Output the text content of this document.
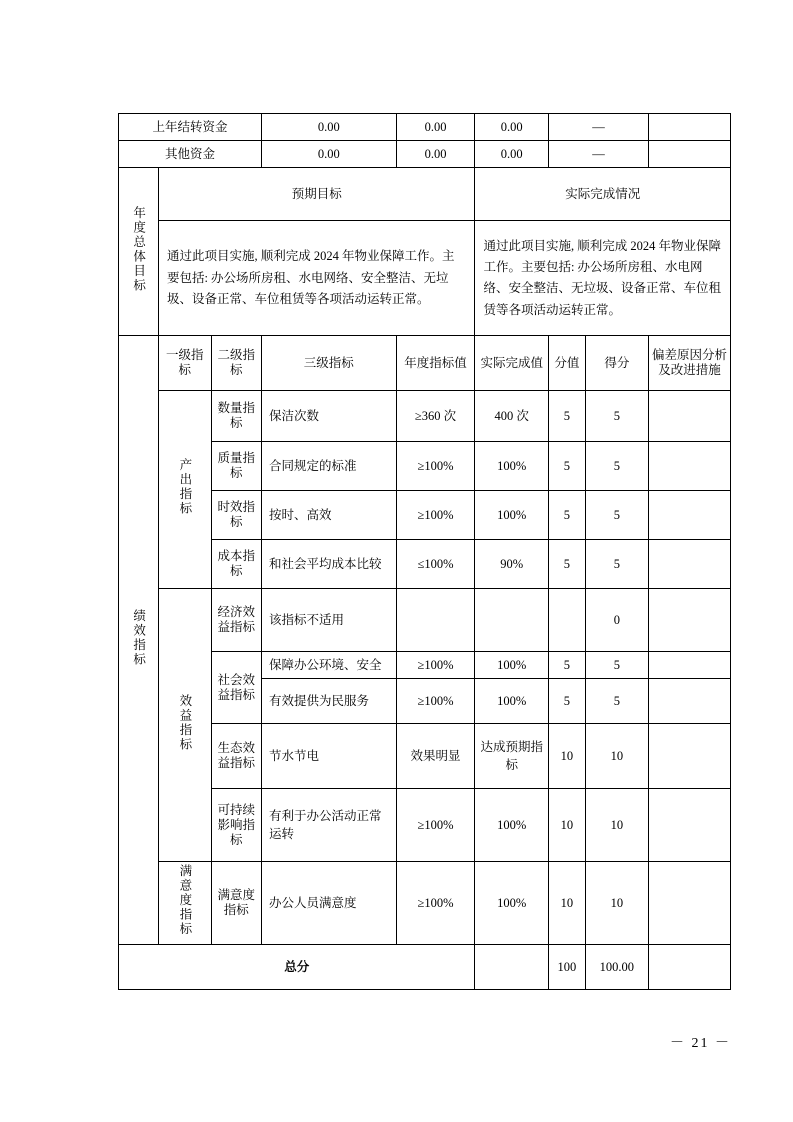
上年结转资金			0.00	0.00	0.00	—		
其他资金			0.00	0.00	0.00	—		
年度总体目标	预期目标				实际完成情况			
	通过此项目实施, 顺利完成 2024 年物业保障工作。主要包括: 办公场所房租、水电网络、安全整洁、无垃圾、设备正常、车位租赁等各项活动运转正常。				通过此项目实施, 顺利完成 2024 年物业保障工作。主要包括: 办公场所房租、水电网络、安全整洁、无垃圾、设备正常、车位租赁等各项活动运转正常。			
绩效指标	一级指标	二级指标	三级指标	年度指标值	实际完成值	分值	得分	偏差原因分析及改进措施
	产出指标	数量指标	保洁次数	≥360 次	400 次	5	5	
		质量指标	合同规定的标准	≥100%	100%	5	5	
		时效指标	按时、高效	≥100%	100%	5	5	
		成本指标	和社会平均成本比较	≤100%	90%	5	5	
	效益指标	经济效益指标	该指标不适用				0	
		社会效益指标	保障办公环境、安全	≥100%	100%	5	5	
			有效提供为民服务	≥100%	100%	5	5	
		生态效益指标	节水节电	效果明显	达成预期指标	10	10	
		可持续影响指标	有利于办公活动正常运转	≥100%	100%	10	10	
	满意度指标	满意度指标	办公人员满意度	≥100%	100%	10	10	
总分						100	100.00	
－ 21 －
